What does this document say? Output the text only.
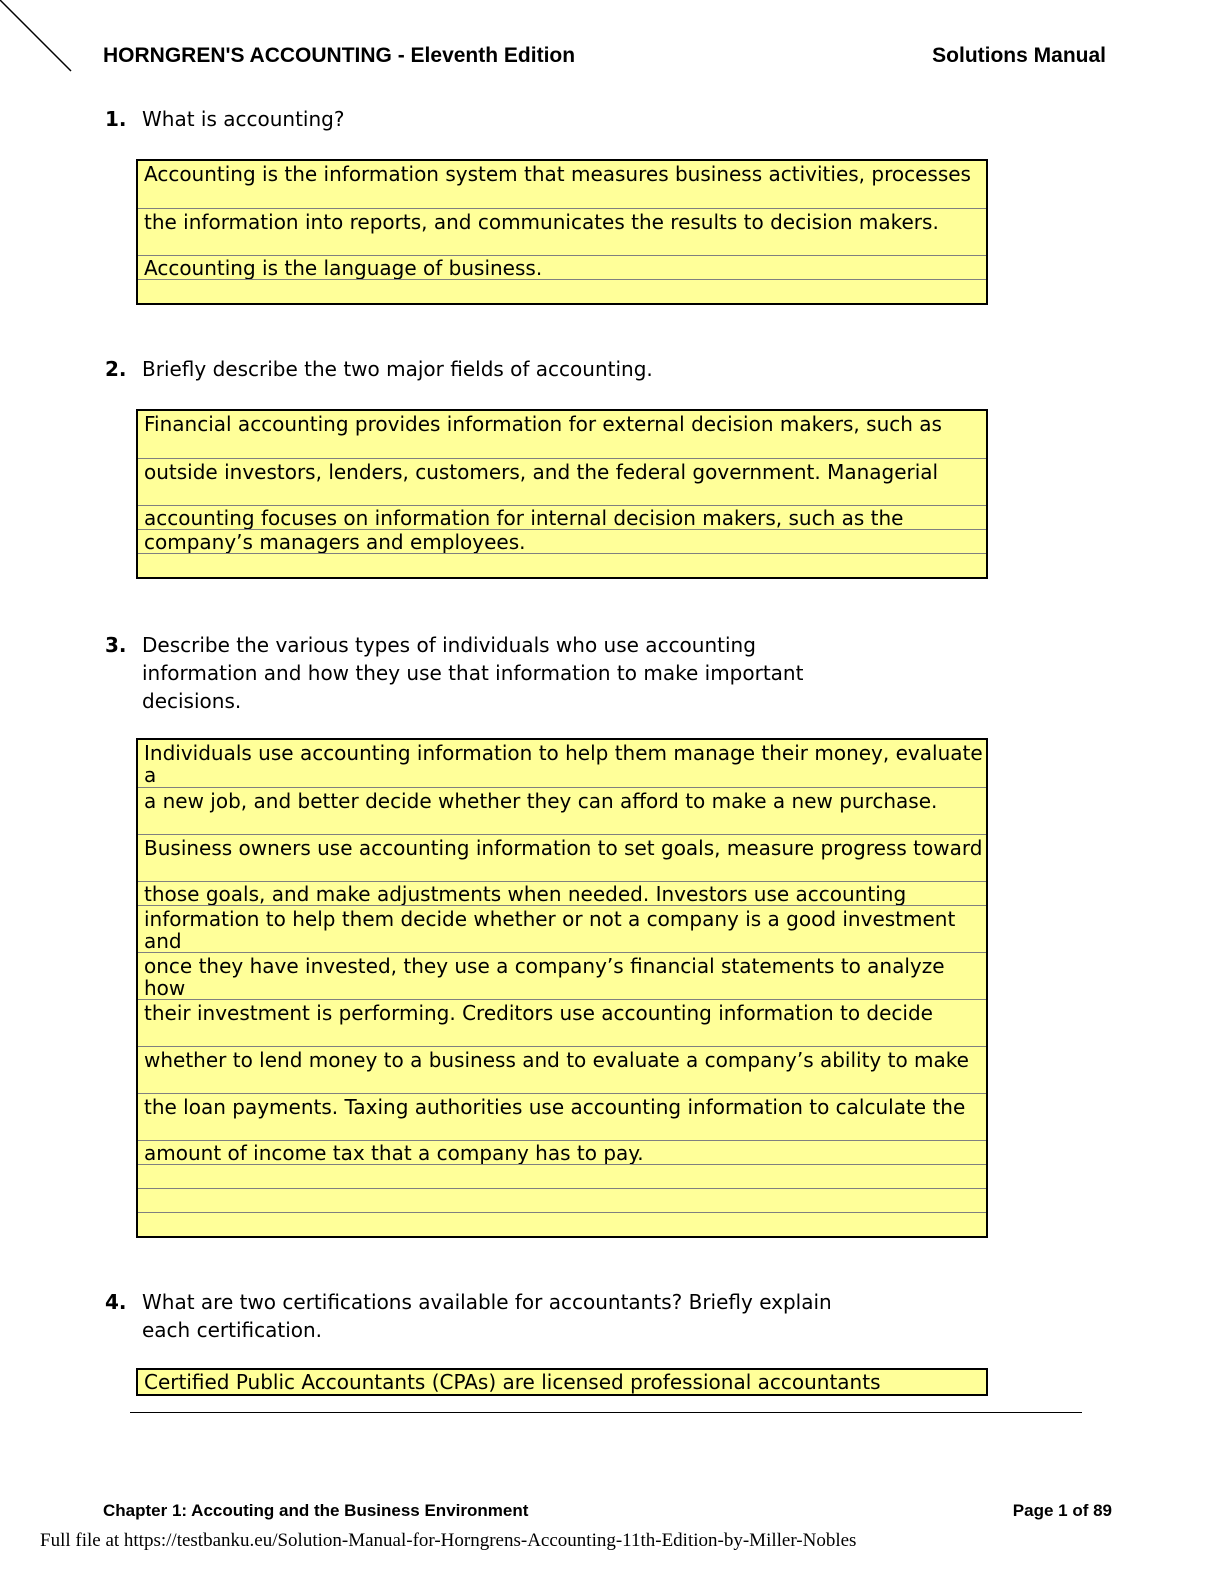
HORNGREN'S ACCOUNTING - Eleventh Edition	Solutions Manual
1. What is accounting?
Accounting is the information system that measures business activities, processes
the information into reports, and communicates the results to decision makers.
Accounting is the language of business.
2. Briefly describe the two major fields of accounting.
Financial accounting provides information for external decision makers, such as
outside investors, lenders, customers, and the federal government. Managerial
accounting focuses on information for internal decision makers, such as the
company’s managers and employees.
3. Describe the various types of individuals who use accounting information and how they use that information to make important decisions.
Individuals use accounting information to help them manage their money, evaluate a
a new job, and better decide whether they can afford to make a new purchase.
Business owners use accounting information to set goals, measure progress toward
those goals, and make adjustments when needed. Investors use accounting
information to help them decide whether or not a company is a good investment and
once they have invested, they use a company’s financial statements to analyze how
their investment is performing. Creditors use accounting information to decide
whether to lend money to a business and to evaluate a company’s ability to make
the loan payments. Taxing authorities use accounting information to calculate the
amount of income tax that a company has to pay.
4. What are two certifications available for accountants? Briefly explain each certification.
Certified Public Accountants (CPAs) are licensed professional accountants
Chapter 1: Accouting and the Business Environment	Page 1 of 89
Full file at https://testbanku.eu/Solution-Manual-for-Horngrens-Accounting-11th-Edition-by-Miller-Nobles
